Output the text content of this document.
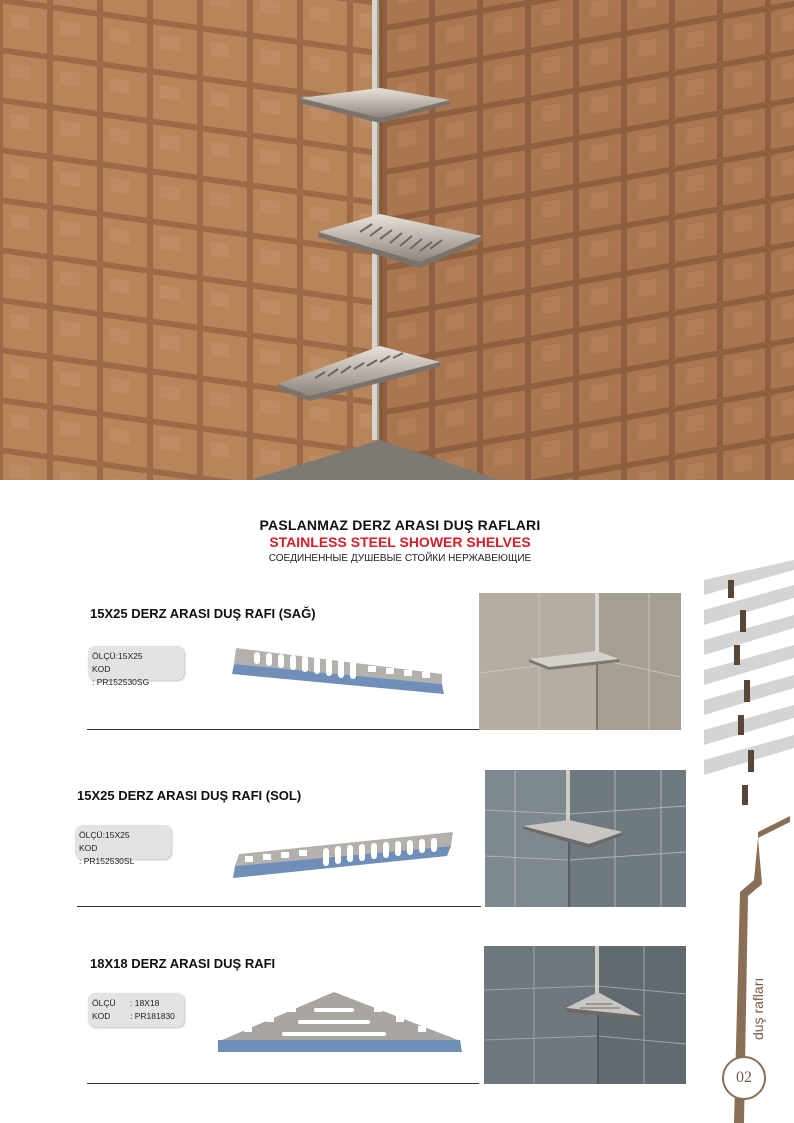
PASLANMAZ DERZ ARASI DUŞ RAFLARI
STAINLESS STEEL SHOWER SHELVES
СОЕДИНЕННЫЕ ДУШЕВЫЕ СТОЙКИ НЕРЖАВЕЮЩИЕ
15X25 DERZ ARASI DUŞ RAFI (SAĞ)
ÖLÇÜ:15X25
KOD: PR152530SG
15X25 DERZ ARASI DUŞ RAFI (SOL)
ÖLÇÜ:15X25
KOD: PR152530SL
18X18 DERZ ARASI DUŞ RAFI
ÖLÇÜ : 18X18
KOD : PR181830	duş rafları
02
